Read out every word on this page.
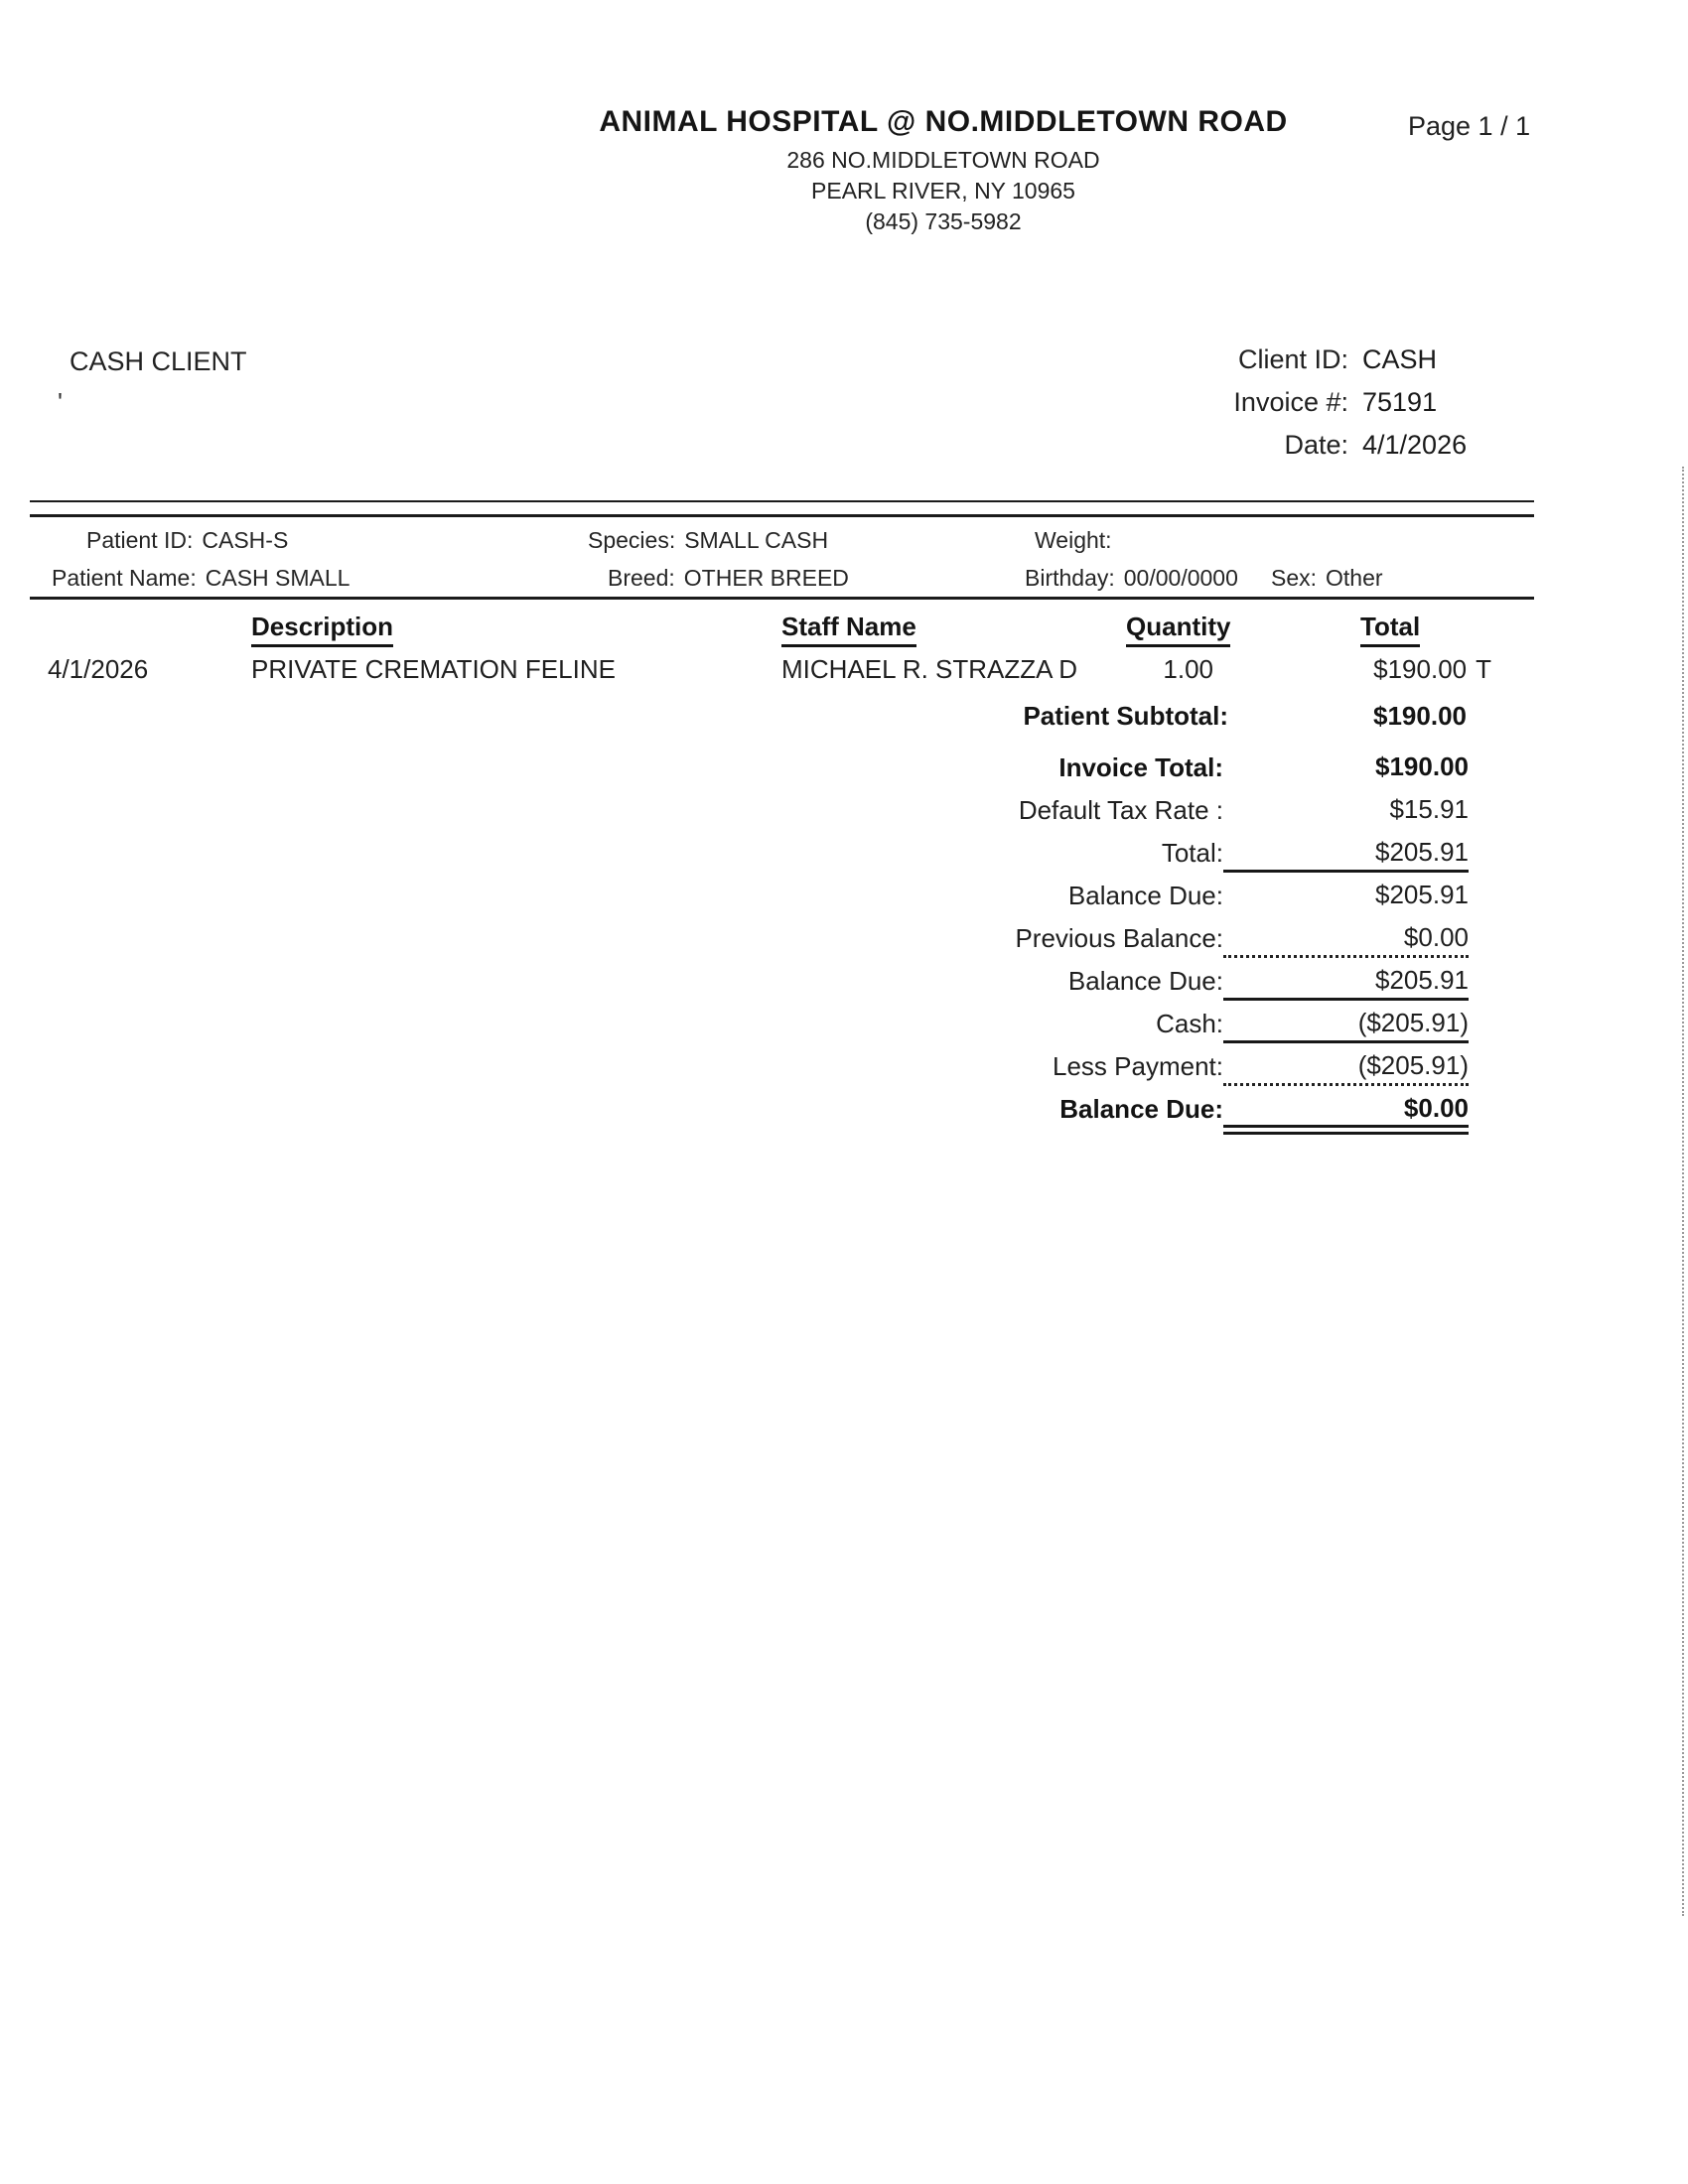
ANIMAL HOSPITAL @ NO.MIDDLETOWN ROAD	Page 1 / 1
286 NO.MIDDLETOWN ROAD
PEARL RIVER, NY 10965
(845) 735-5982
CASH CLIENT
'
Client ID: CASH
Invoice #: 75191
Date: 4/1/2026
Patient ID: CASH-S	Species: SMALL CASH	Weight:
Patient Name: CASH SMALL	Breed: OTHER BREED	Birthday: 00/00/0000 Sex: Other
Description	Staff Name	Quantity	Total
4/1/2026	PRIVATE CREMATION FELINE	MICHAEL R. STRAZZA D	1.00	$190.00 T
Patient Subtotal:	$190.00
Invoice Total:	$190.00
Default Tax Rate :	$15.91
Total:	$205.91
Balance Due:	$205.91
Previous Balance:	$0.00
Balance Due:	$205.91
Cash:	($205.91)
Less Payment:	($205.91)
Balance Due:	$0.00
